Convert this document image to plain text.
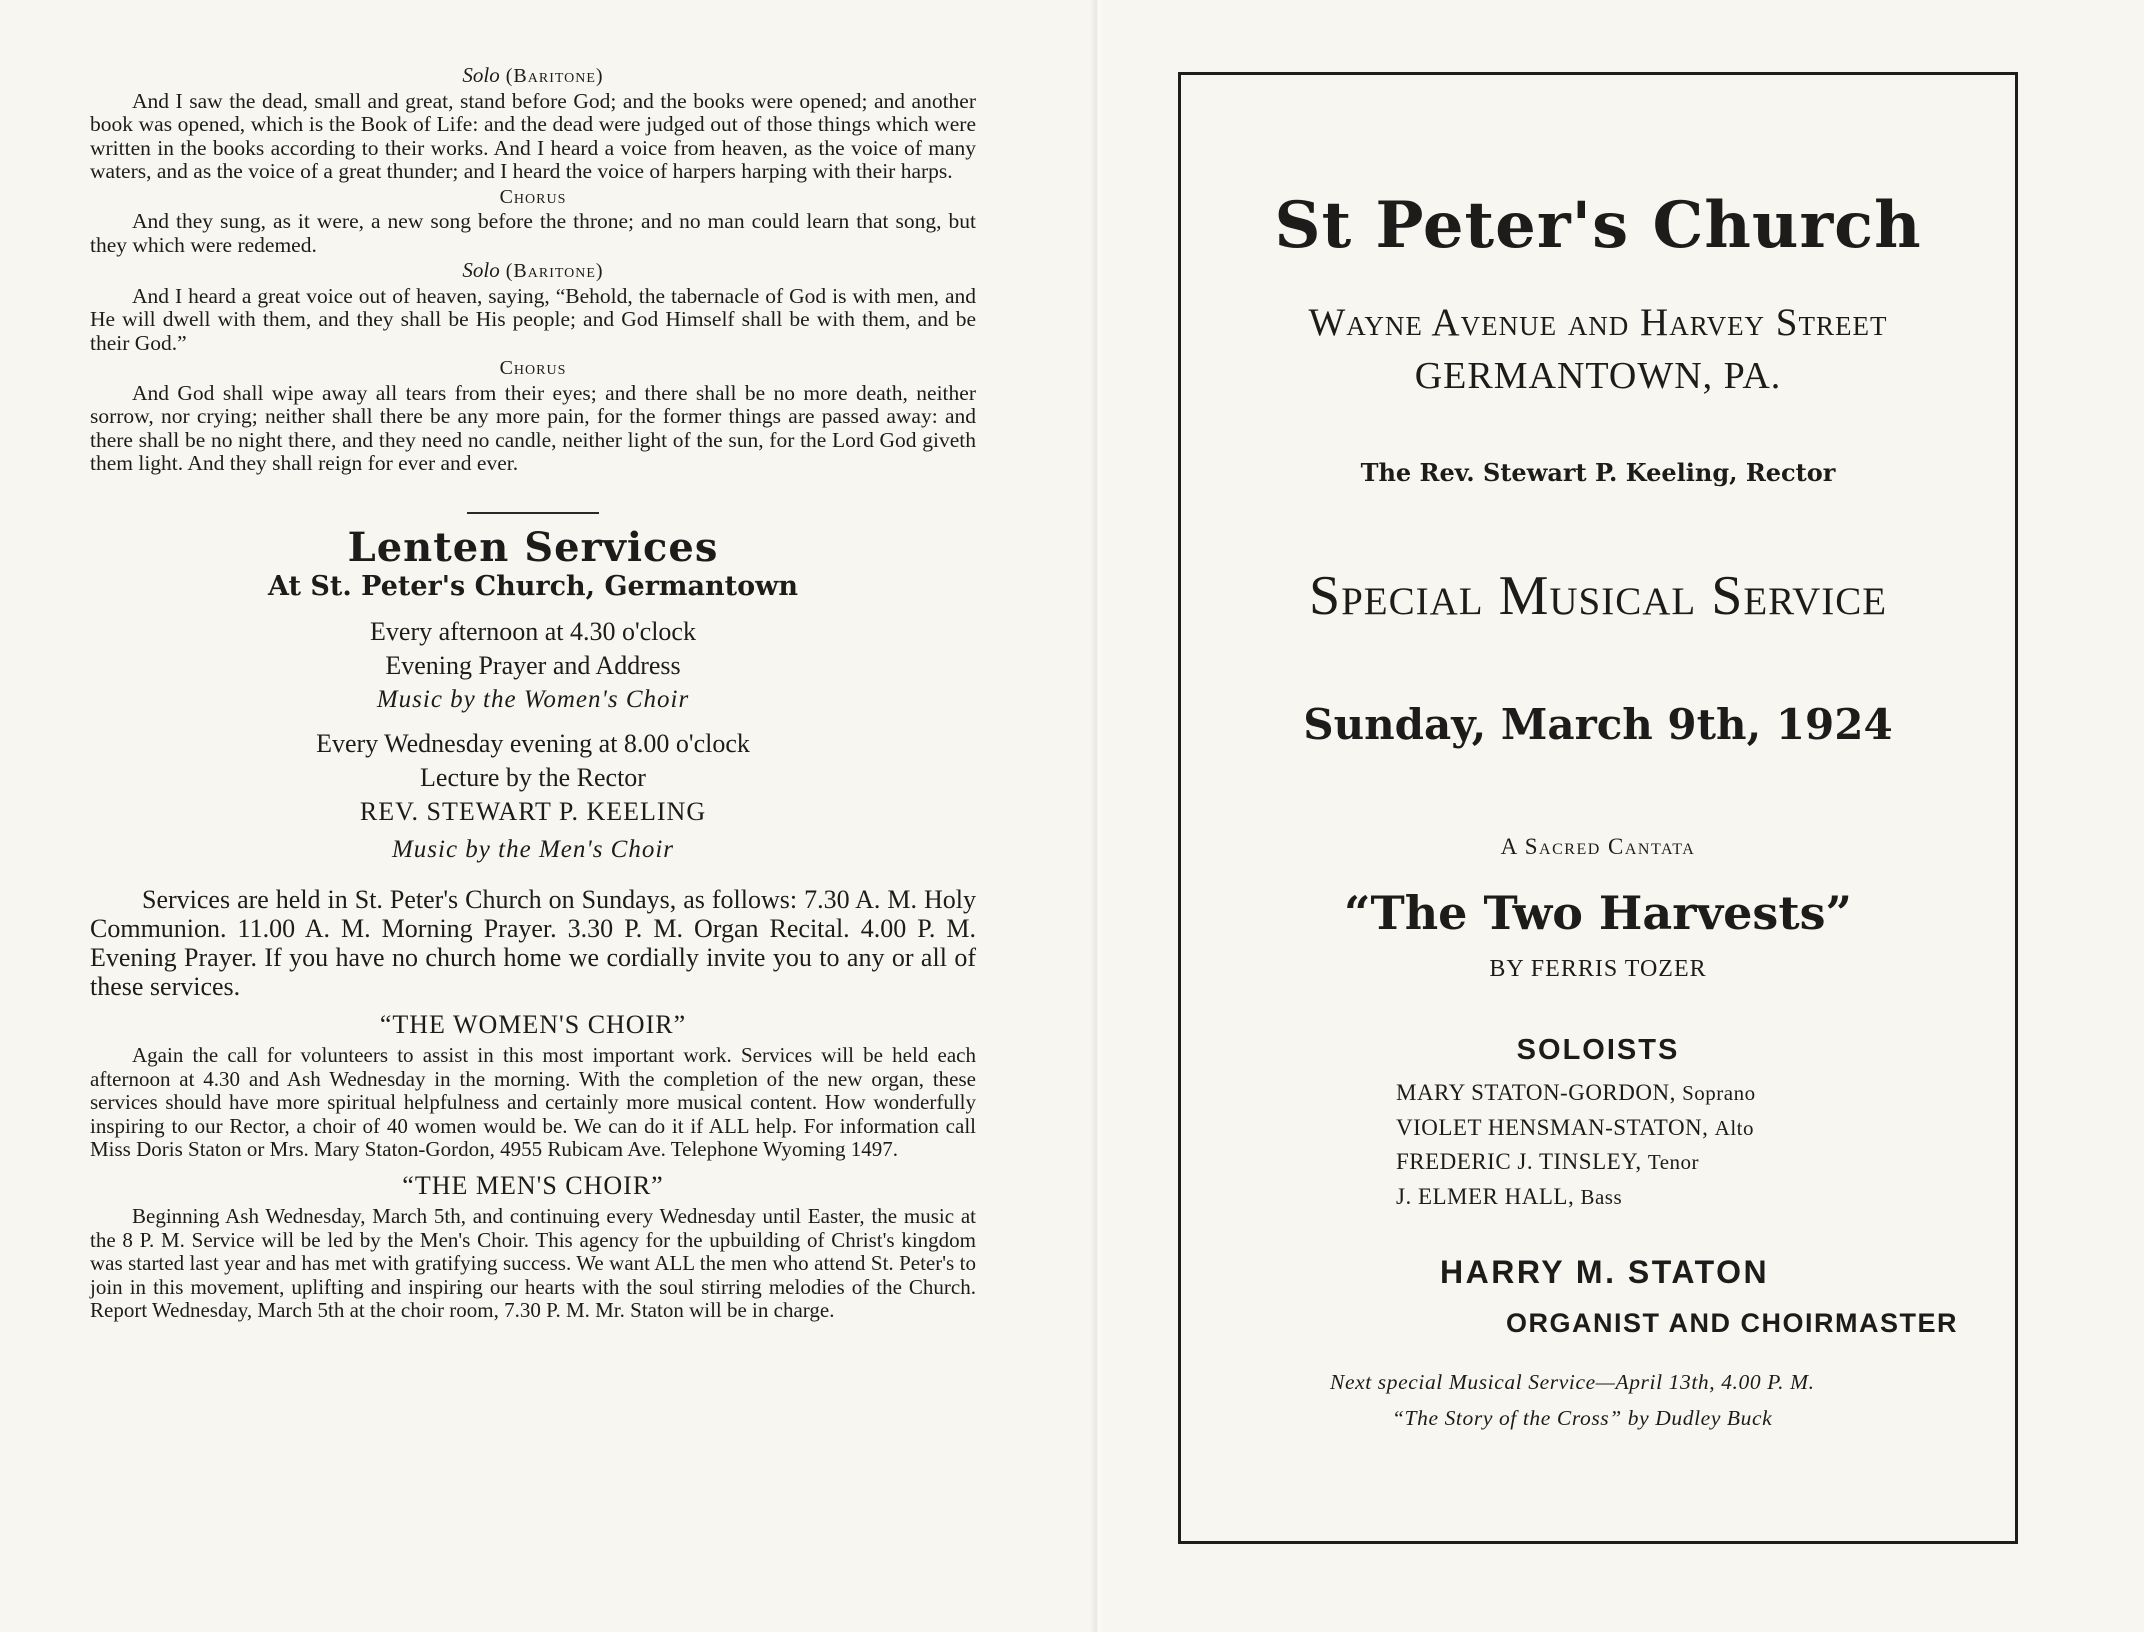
Solo (Baritone)

And I saw the dead, small and great, stand before God; and the books were opened; and another book was opened, which is the Book of Life: and the dead were judged out of those things which were written in the books according to their works. And I heard a voice from heaven, as the voice of many waters, and as the voice of a great thunder; and I heard the voice of harpers harping with their harps.

Chorus

And they sung, as it were, a new song before the throne; and no man could learn that song, but they which were redemed.

Solo (Baritone)

And I heard a great voice out of heaven, saying, “Behold, the tabernacle of God is with men, and He will dwell with them, and they shall be His people; and God Himself shall be with them, and be their God.”

Chorus

And God shall wipe away all tears from their eyes; and there shall be no more death, neither sorrow, nor crying; neither shall there be any more pain, for the former things are passed away: and there shall be no night there, and they need no candle, neither light of the sun, for the Lord God giveth them light. And they shall reign for ever and ever.

Lenten Services
At St. Peter's Church, Germantown
Every afternoon at 4.30 o'clock
Evening Prayer and Address
Music by the Women's Choir
Every Wednesday evening at 8.00 o'clock
Lecture by the Rector
REV. STEWART P. KEELING
Music by the Men's Choir

Services are held in St. Peter's Church on Sundays, as follows: 7.30 A. M. Holy Communion. 11.00 A. M. Morning Prayer. 3.30 P. M. Organ Recital. 4.00 P. M. Evening Prayer. If you have no church home we cordially invite you to any or all of these services.

“THE WOMEN'S CHOIR”

Again the call for volunteers to assist in this most important work. Services will be held each afternoon at 4.30 and Ash Wednesday in the morning. With the completion of the new organ, these services should have more spiritual helpfulness and certainly more musical content. How wonderfully inspiring to our Rector, a choir of 40 women would be. We can do it if ALL help. For information call Miss Doris Staton or Mrs. Mary Staton-Gordon, 4955 Rubicam Ave. Telephone Wyoming 1497.

“THE MEN'S CHOIR”

Beginning Ash Wednesday, March 5th, and continuing every Wednesday until Easter, the music at the 8 P. M. Service will be led by the Men's Choir. This agency for the upbuilding of Christ's kingdom was started last year and has met with gratifying success. We want ALL the men who attend St. Peter's to join in this movement, uplifting and inspiring our hearts with the soul stirring melodies of the Church. Report Wednesday, March 5th at the choir room, 7.30 P. M. Mr. Staton will be in charge.

St Peter's Church
Wayne Avenue and Harvey Street
GERMANTOWN, PA.
The Rev. Stewart P. Keeling, Rector
Special Musical Service
Sunday, March 9th, 1924
A Sacred Cantata
“The Two Harvests”
BY FERRIS TOZER
SOLOISTS
MARY STATON-GORDON, Soprano
VIOLET HENSMAN-STATON, Alto
FREDERIC J. TINSLEY, Tenor
J. ELMER HALL, Bass
HARRY M. STATON
ORGANIST AND CHOIRMASTER
Next special Musical Service—April 13th, 4.00 P. M.
“The Story of the Cross” by Dudley Buck
